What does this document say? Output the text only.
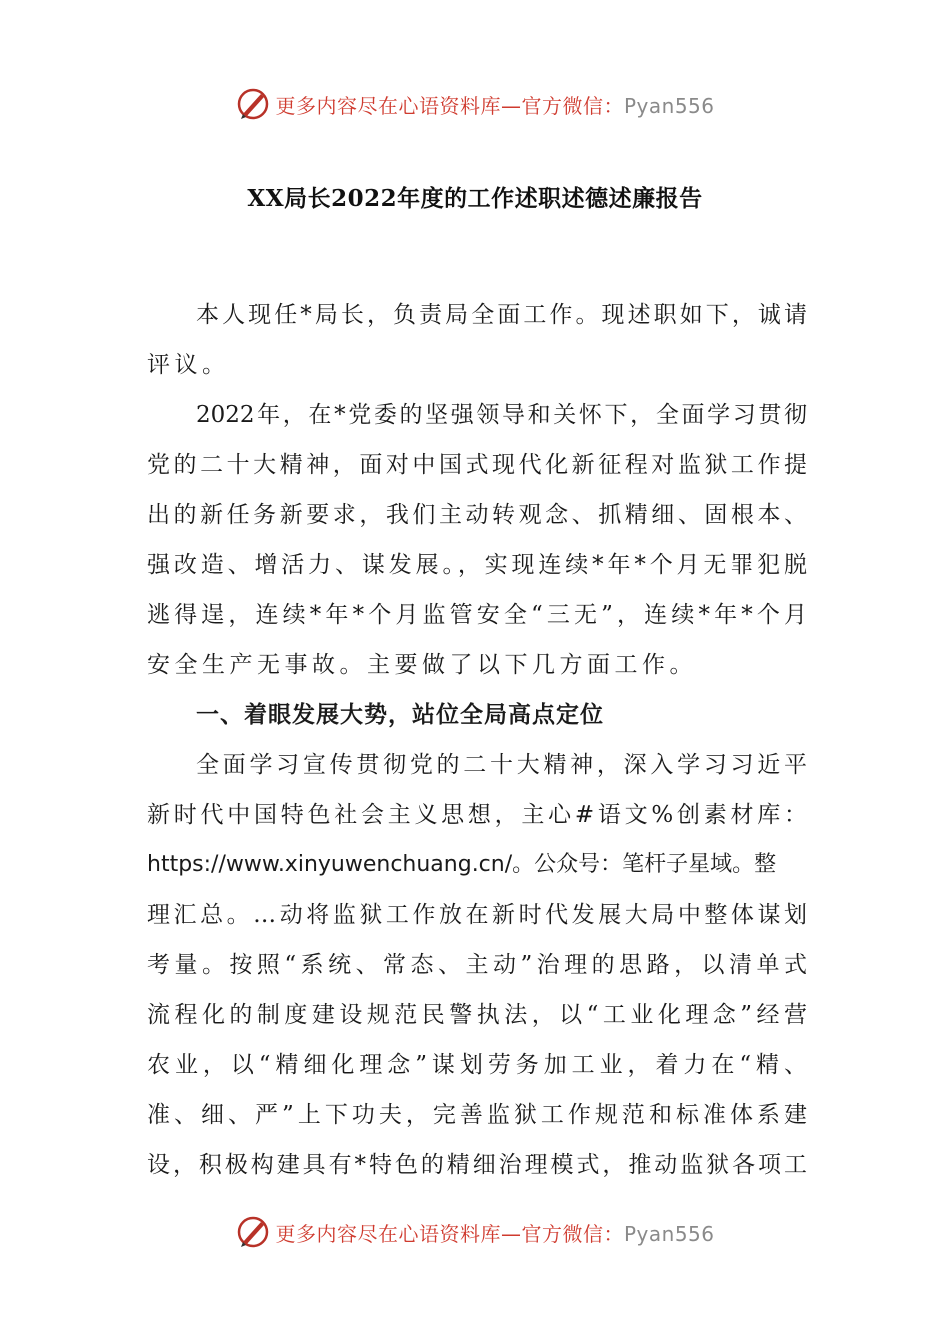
更多内容尽在心语资料库—官方微信：Pyan556
XX局长2022年度的工作述职述德述廉报告
本人现任*局长，负责局全面工作。现述职如下，诚请
评议。
2022年，在*党委的坚强领导和关怀下，全面学习贯彻
党的二十大精神，面对中国式现代化新征程对监狱工作提
出的新任务新要求，我们主动转观念、抓精细、固根本、
强改造、增活力、谋发展。，实现连续*年*个月无罪犯脱
逃得逞，连续*年*个月监管安全“三无”，连续*年*个月
安全生产无事故。主要做了以下几方面工作。
一、着眼发展大势，站位全局高点定位
全面学习宣传贯彻党的二十大精神，深入学习习近平
新时代中国特色社会主义思想，主心#语文%创素材库：
https://www.xinyuwenchuang.cn/。公众号：笔杆子星域。整
理汇总。…动将监狱工作放在新时代发展大局中整体谋划
考量。按照“系统、常态、主动”治理的思路，以清单式
流程化的制度建设规范民警执法，以“工业化理念”经营
农业，以“精细化理念”谋划劳务加工业，着力在“精、
准、细、严”上下功夫，完善监狱工作规范和标准体系建
设，积极构建具有*特色的精细治理模式，推动监狱各项工
更多内容尽在心语资料库—官方微信：Pyan556
